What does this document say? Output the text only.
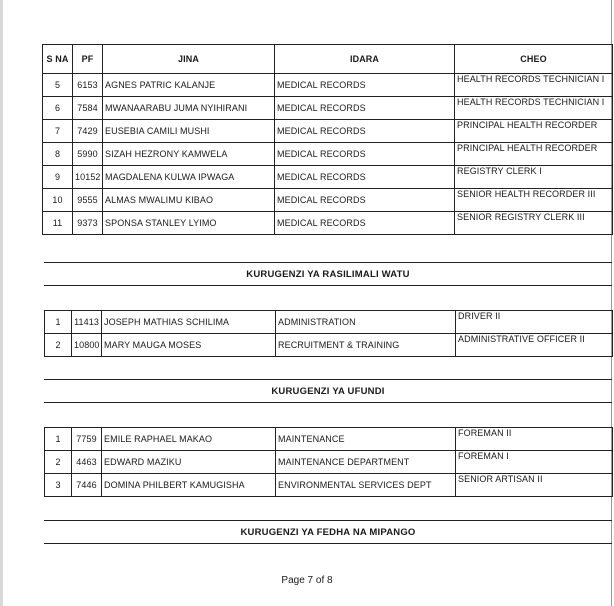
S NA	PF	JINA	IDARA	CHEO
5	6153	AGNES PATRIC KALANJE	MEDICAL RECORDS	HEALTH RECORDS TECHNICIAN I
6	7584	MWANAARABU JUMA NYIHIRANI	MEDICAL RECORDS	HEALTH RECORDS TECHNICIAN I
7	7429	EUSEBIA CAMILI MUSHI	MEDICAL RECORDS	PRINCIPAL HEALTH RECORDER
8	5990	SIZAH HEZRONY KAMWELA	MEDICAL RECORDS	PRINCIPAL HEALTH RECORDER
9	10152	MAGDALENA KULWA IPWAGA	MEDICAL RECORDS	REGISTRY CLERK I
10	9555	ALMAS MWALIMU KIBAO	MEDICAL RECORDS	SENIOR HEALTH RECORDER III
11	9373	SPONSA STANLEY LYIMO	MEDICAL RECORDS	SENIOR REGISTRY CLERK III
KURUGENZI YA RASILIMALI WATU
1	11413	JOSEPH MATHIAS SCHILIMA	ADMINISTRATION	DRIVER II
2	10800	MARY MAUGA MOSES	RECRUITMENT & TRAINING	ADMINISTRATIVE OFFICER II
KURUGENZI YA UFUNDI
1	7759	EMILE RAPHAEL MAKAO	MAINTENANCE	FOREMAN II
2	4463	EDWARD MAZIKU	MAINTENANCE DEPARTMENT	FOREMAN I
3	7446	DOMINA PHILBERT KAMUGISHA	ENVIRONMENTAL SERVICES DEPT	SENIOR ARTISAN II
KURUGENZI YA FEDHA NA MIPANGO
Page 7 of 8
